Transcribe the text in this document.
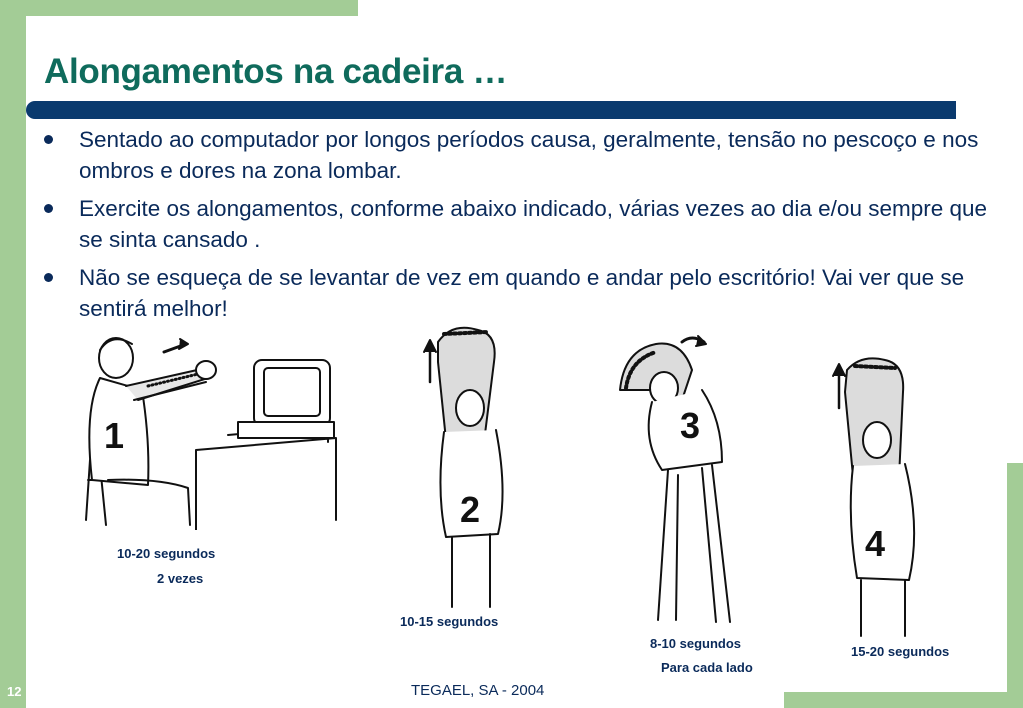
Alongamentos na cadeira …
Sentado ao computador por longos períodos causa, geralmente, tensão no pescoço e nos ombros e dores na zona lombar.
Exercite os alongamentos, conforme abaixo indicado, várias vezes ao dia e/ou sempre que se sinta cansado .
Não se esqueça de se levantar de vez em quando e andar pelo escritório! Vai ver que se sentirá melhor!
1
10-20 segundos
2 vezes
2
10-15 segundos
3
8-10 segundos
Para cada lado
4
15-20 segundos
TEGAEL, SA - 2004
12
